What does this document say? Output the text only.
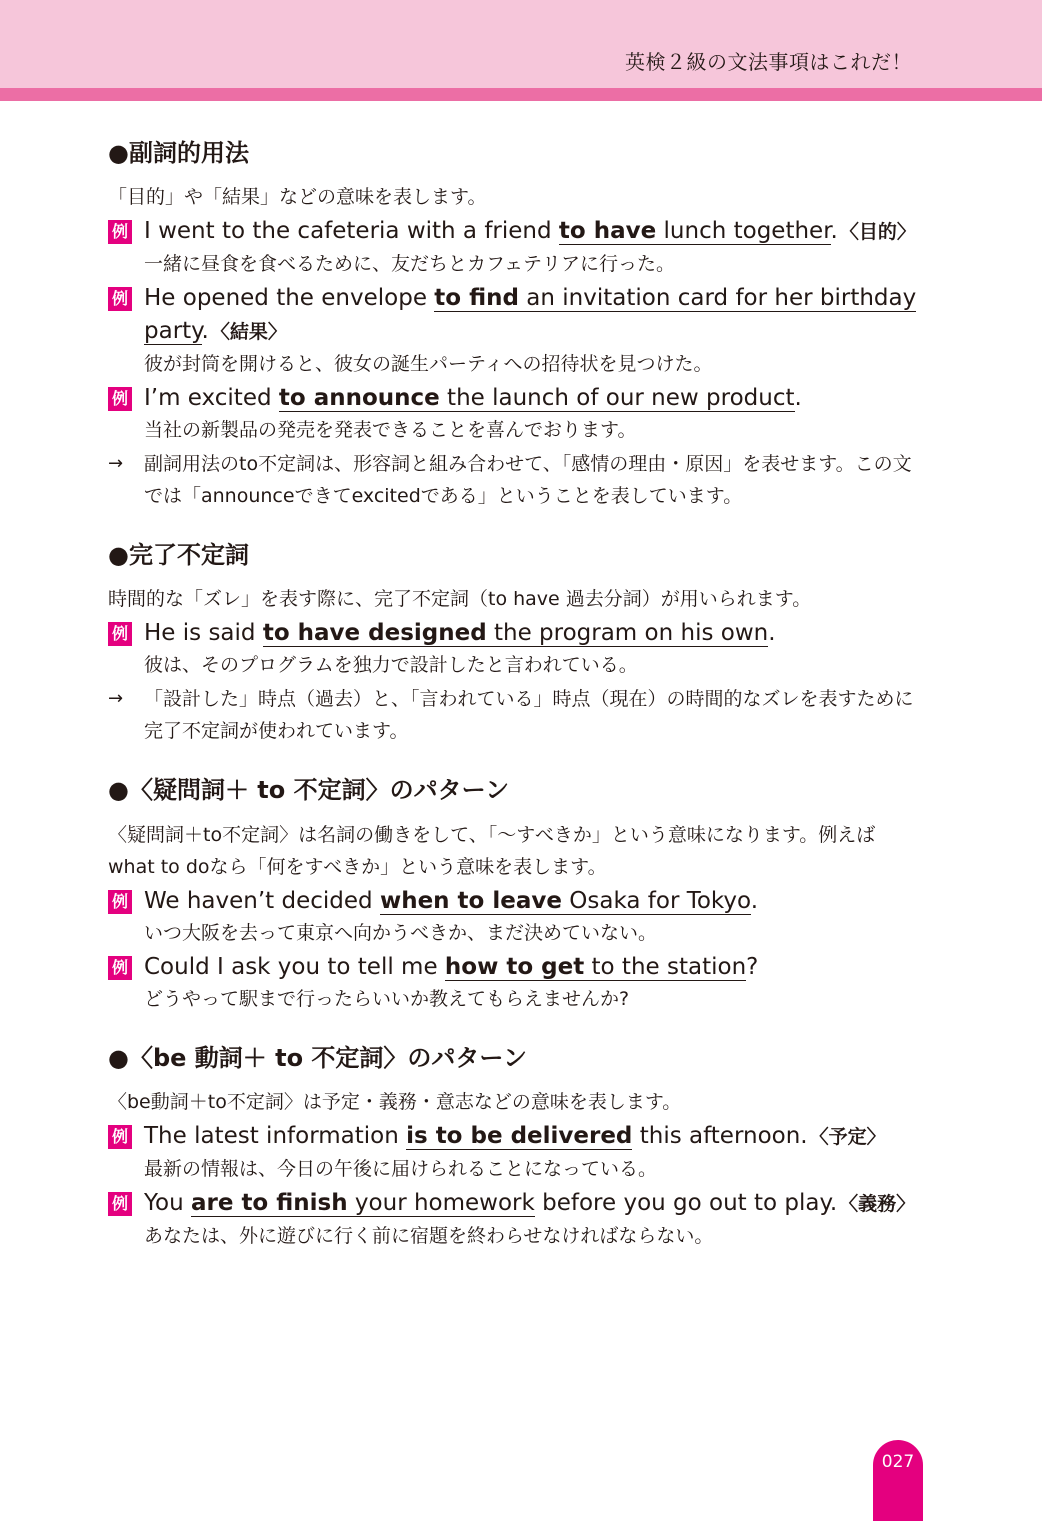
英検２級の文法事項はこれだ！
●副詞的用法

「目的」や「結果」などの意味を表します。

例 I went to the cafeteria with a friend to have lunch together. 〈目的〉
一緒に昼食を食べるために、友だちとカフェテリアに行った。
例 He opened the envelope to find an invitation card for her birthday party. 〈結果〉
彼が封筒を開けると、彼女の誕生パーティへの招待状を見つけた。
例 I’m excited to announce the launch of our new product.
当社の新製品の発売を発表できることを喜んでおります。
→ 副詞用法のto不定詞は、形容詞と組み合わせて、「感情の理由・原因」を表せます。この文では「announceできてexcitedである」ということを表しています。
●完了不定詞

時間的な「ズレ」を表す際に、完了不定詞（to have 過去分詞）が用いられます。

例 He is said to have designed the program on his own.
彼は、そのプログラムを独力で設計したと言われている。
→ 「設計した」時点（過去）と、「言われている」時点（現在）の時間的なズレを表すために完了不定詞が使われています。
●〈疑問詞＋ to 不定詞〉のパターン

〈疑問詞＋to不定詞〉は名詞の働きをして、「～すべきか」という意味になります。例えばwhat to doなら「何をすべきか」という意味を表します。

例 We haven’t decided when to leave Osaka for Tokyo.
いつ大阪を去って東京へ向かうべきか、まだ決めていない。
例 Could I ask you to tell me how to get to the station?
どうやって駅まで行ったらいいか教えてもらえませんか?
●〈be 動詞＋ to 不定詞〉のパターン

〈be動詞＋to不定詞〉は予定・義務・意志などの意味を表します。

例 The latest information is to be delivered this afternoon. 〈予定〉
最新の情報は、今日の午後に届けられることになっている。
例 You are to finish your homework before you go out to play. 〈義務〉
あなたは、外に遊びに行く前に宿題を終わらせなければならない。
027
